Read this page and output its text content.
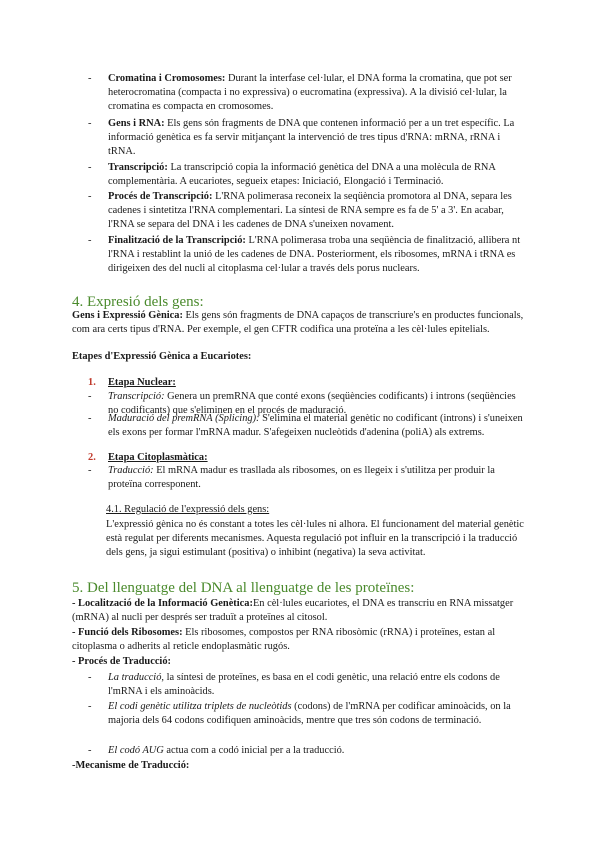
- Cromatina i Cromosomes: Durant la interfase cel·lular, el DNA forma la cromatina, que pot ser heterocromatina (compacta i no expressiva) o eucromatina (expressiva). A la divisió cel·lular, la cromatina es compacta en cromosomes.
- Gens i RNA: Els gens són fragments de DNA que contenen informació per a un tret específic. La informació genètica es fa servir mitjançant la intervenció de tres tipus d'RNA: mRNA, rRNA i tRNA.
- Transcripció: La transcripció copia la informació genètica del DNA a una molècula de RNA complementària. A eucariotes, segueix etapes: Iniciació, Elongació i Terminació.
- Procés de Transcripció: L'RNA polimerasa reconeix la seqüència promotora al DNA, separa les cadenes i sintetitza l'RNA complementari. La síntesi de RNA sempre es fa de 5' a 3'. En acabar, l'RNA se separa del DNA i les cadenes de DNA s'uneixen novament.
- Finalització de la Transcripció: L'RNA polimerasa troba una seqüència de finalització, allibera nt l'RNA i restablint la unió de les cadenes de DNA. Posteriorment, els ribosomes, mRNA i tRNA es dirigeixen des del nucli al citoplasma cel·lular a través dels porus nuclears.
4. Expresió dels gens:
Gens i Expressió Gènica: Els gens són fragments de DNA capaços de transcriure's en productes funcionals, com ara certs tipus d'RNA. Per exemple, el gen CFTR codifica una proteïna a les cèl·lules epitelials.
Etapes d'Expressió Gènica a Eucariotes:
1. Etapa Nuclear:
- Transcripció: Genera un premRNA que conté exons (seqüències codificants) i introns (seqüències no codificants) que s'eliminen en el procés de maduració.
- Maduració del premRNA (Splicing): S'elimina el material genètic no codificant (introns) i s'uneixen els exons per formar l'mRNA madur. S'afegeixen nucleòtids d'adenina (poliA) als extrems.
2. Etapa Citoplasmàtica:
- Traducció: El mRNA madur es trasllada als ribosomes, on es llegeix i s'utilitza per produir la proteïna corresponent.
4.1. Regulació de l'expressió dels gens:
L'expressió gènica no és constant a totes les cèl·lules ni alhora. El funcionament del material genètic està regulat per diferents mecanismes. Aquesta regulació pot influir en la transcripció i la traducció dels gens, ja sigui estimulant (positiva) o inhibint (negativa) la seva activitat.
5. Del llenguatge del DNA al llenguatge de les proteïnes:
- Localització de la Informació Genètica:En cèl·lules eucariotes, el DNA es transcriu en RNA missatger (mRNA) al nucli per després ser traduït a proteïnes al citosol.
- Funció dels Ribosomes: Els ribosomes, compostos per RNA ribosòmic (rRNA) i proteïnes, estan al citoplasma o adherits al reticle endoplasmàtic rugós.
- Procés de Traducció:
- La traducció, la síntesi de proteïnes, es basa en el codi genètic, una relació entre els codons de l'mRNA i els aminoàcids.
- El codi genètic utilitza triplets de nucleòtids (codons) de l'mRNA per codificar aminoàcids, on la majoria dels 64 codons codifiquen aminoàcids, mentre que tres són codons de terminació.
- El codó AUG actua com a codó inicial per a la traducció.
-Mecanisme de Traducció:
